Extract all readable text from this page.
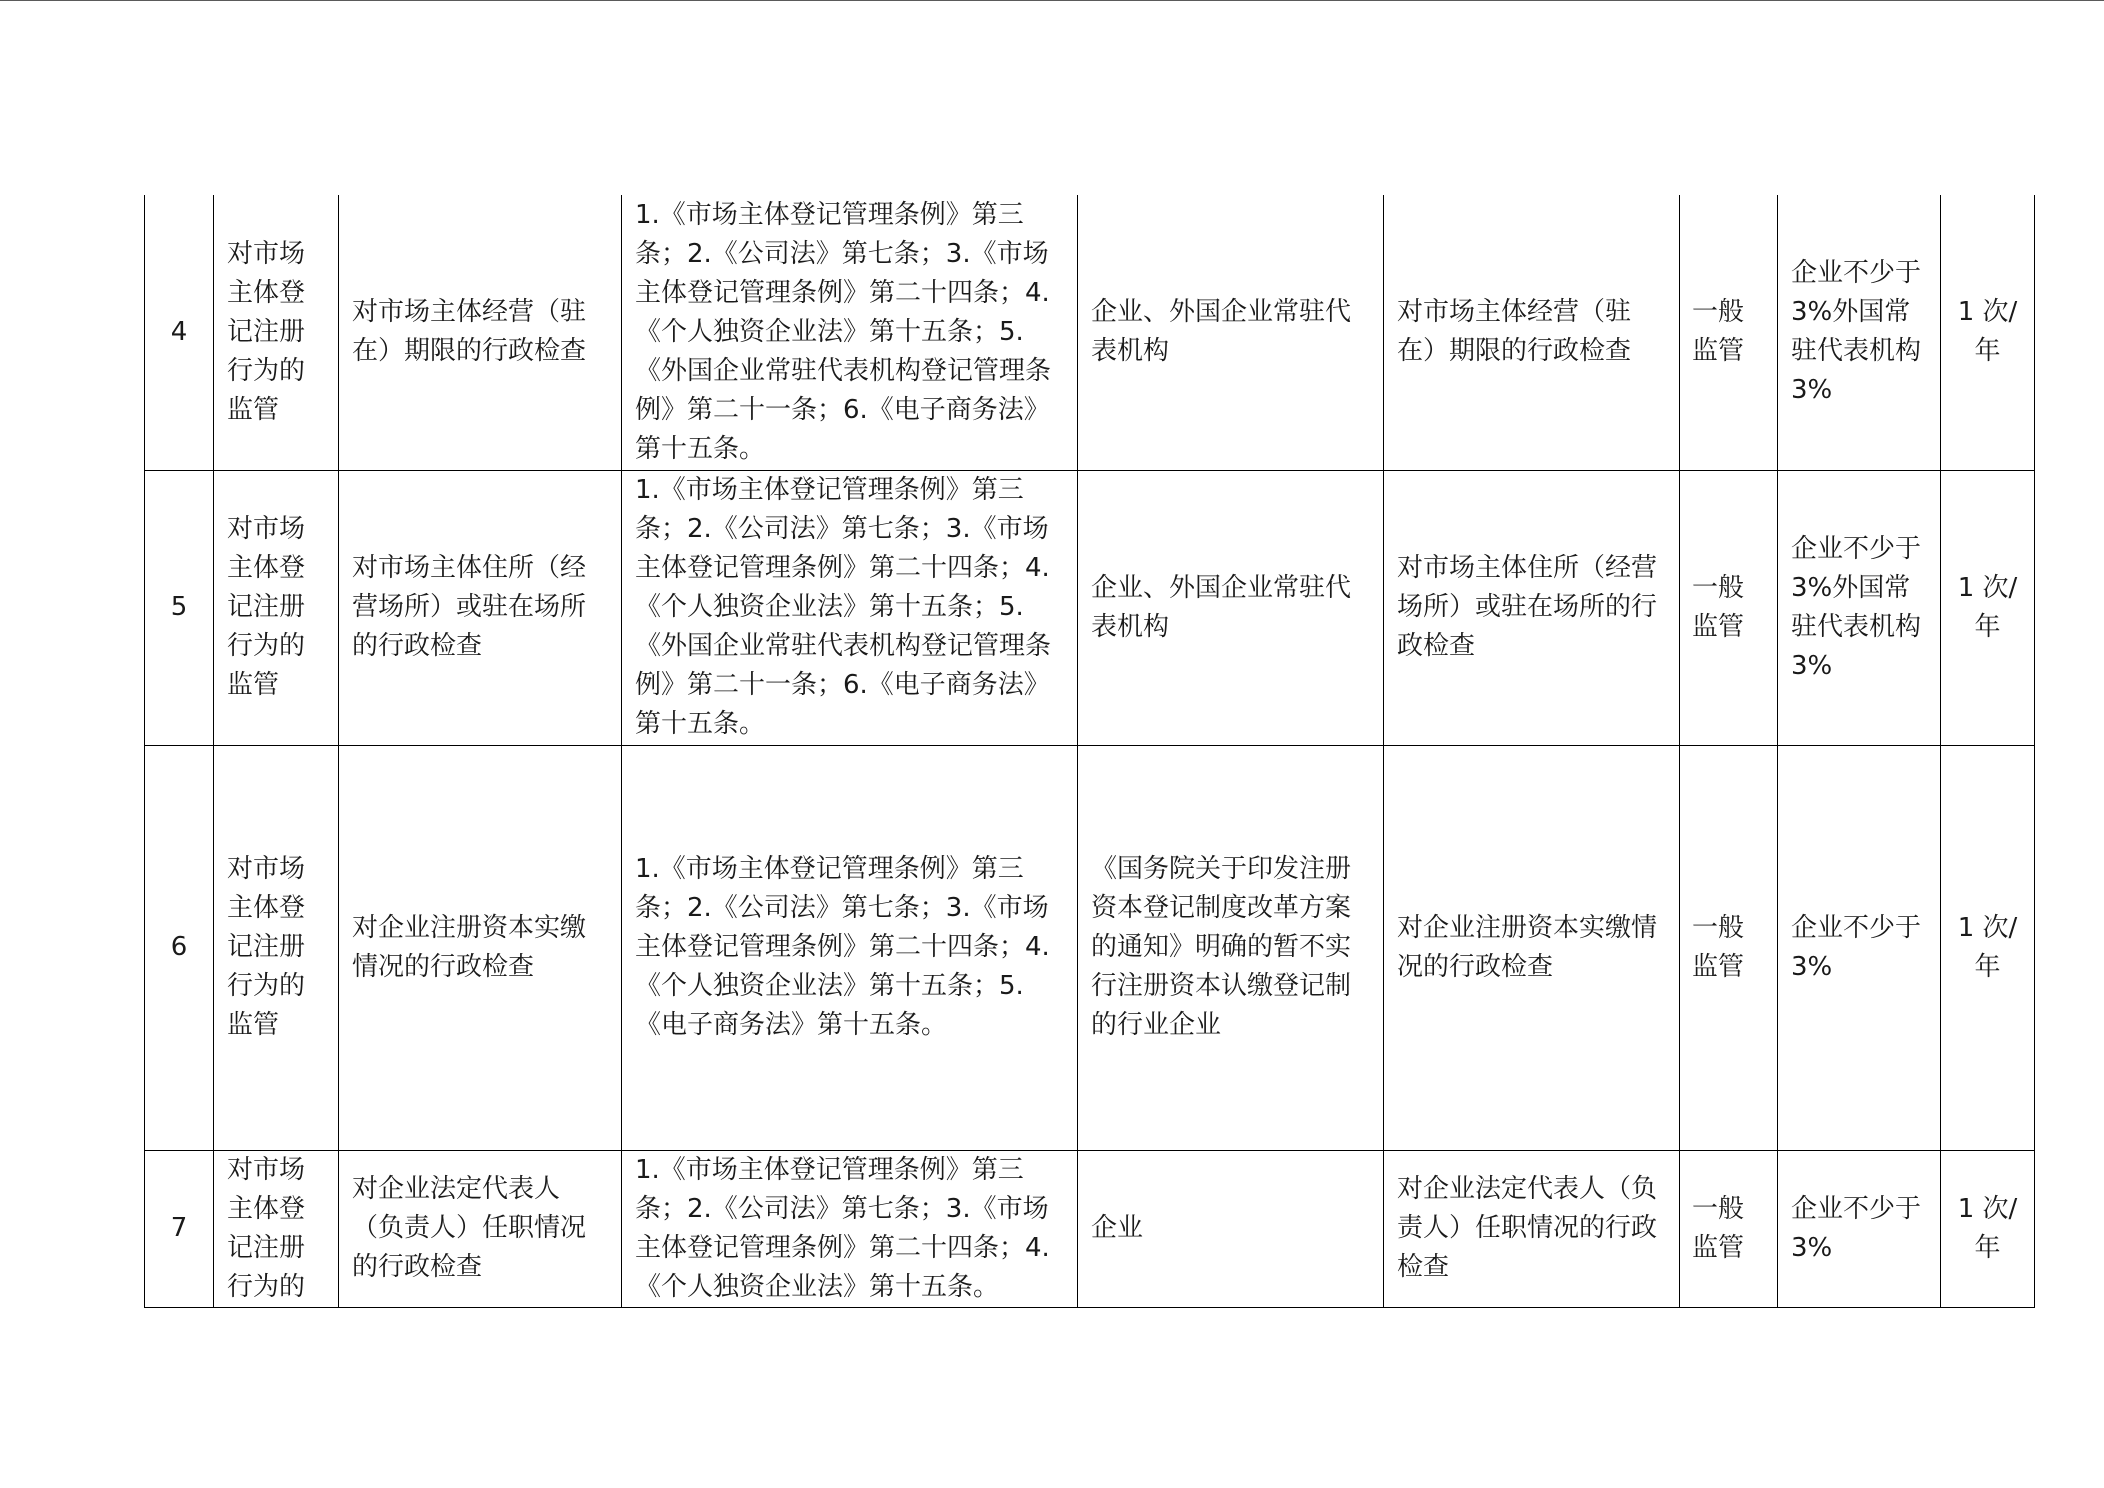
4	对市场主体登记注册行为的监管	对市场主体经营（驻在）期限的行政检查	1.《市场主体登记管理条例》第三条；2.《公司法》第七条；3.《市场主体登记管理条例》第二十四条；4.《个人独资企业法》第十五条；5.《外国企业常驻代表机构登记管理条例》第二十一条；6.《电子商务法》第十五条。	企业、外国企业常驻代表机构	对市场主体经营（驻在）期限的行政检查	一般监管	企业不少于 3%外国常驻代表机构 3%	1 次/年
5	对市场主体登记注册行为的监管	对市场主体住所（经营场所）或驻在场所的行政检查	1.《市场主体登记管理条例》第三条；2.《公司法》第七条；3.《市场主体登记管理条例》第二十四条；4.《个人独资企业法》第十五条；5.《外国企业常驻代表机构登记管理条例》第二十一条；6.《电子商务法》第十五条。	企业、外国企业常驻代表机构	对市场主体住所（经营场所）或驻在场所的行政检查	一般监管	企业不少于 3%外国常驻代表机构 3%	1 次/年
6	对市场主体登记注册行为的监管	对企业注册资本实缴情况的行政检查	1.《市场主体登记管理条例》第三条；2.《公司法》第七条；3.《市场主体登记管理条例》第二十四条；4.《个人独资企业法》第十五条；5.《电子商务法》第十五条。	《国务院关于印发注册资本登记制度改革方案的通知》明确的暂不实行注册资本认缴登记制的行业企业	对企业注册资本实缴情况的行政检查	一般监管	企业不少于 3%	1 次/年
7	对市场主体登记注册行为的	对企业法定代表人（负责人）任职情况的行政检查	1.《市场主体登记管理条例》第三条；2.《公司法》第七条；3.《市场主体登记管理条例》第二十四条；4.《个人独资企业法》第十五条。	企业	对企业法定代表人（负责人）任职情况的行政检查	一般监管	企业不少于 3%	1 次/年
